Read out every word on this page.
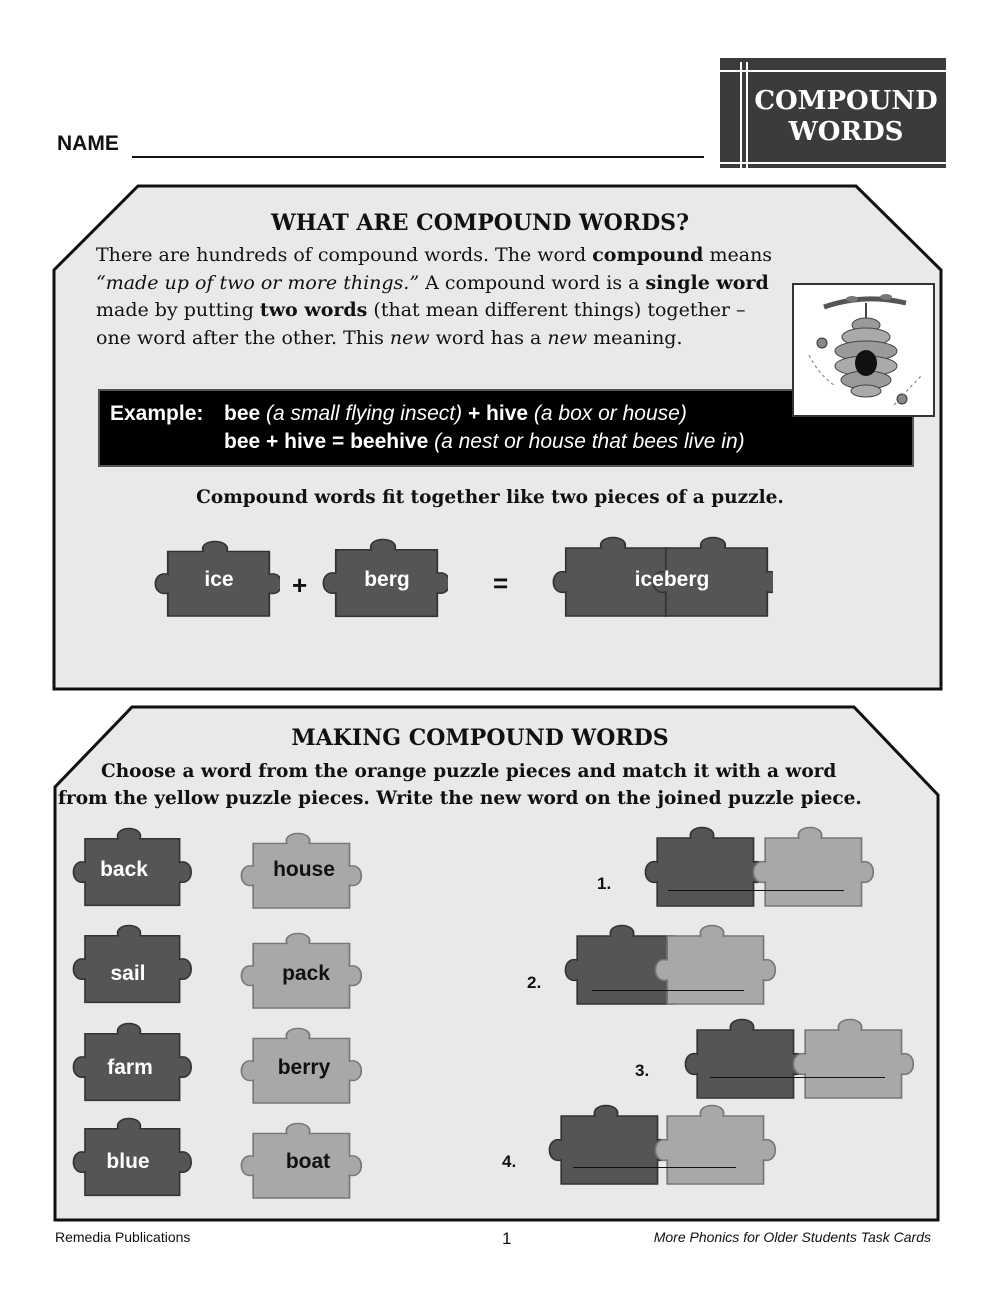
COMPOUND
WORDS
NAME
WHAT ARE COMPOUND WORDS?
There are hundreds of compound words. The word compound means
“made up of two or more things.” A compound word is a single word
made by putting two words (that mean different things) together –
one word after the other. This new word has a new meaning.
Example: bee (a small flying insect) + hive (a box or house)
bee + hive = beehive (a nest or house that bees live in)
Compound words fit together like two pieces of a puzzle.
ice	+	berg	=	iceberg
MAKING COMPOUND WORDS
Choose a word from the orange puzzle pieces and match it with a word
from the yellow puzzle pieces. Write the new word on the joined puzzle piece.
back
sail
farm
blue
house
pack
berry
boat
1.
2.
3.
4.
Remedia Publications	1	More Phonics for Older Students Task Cards
